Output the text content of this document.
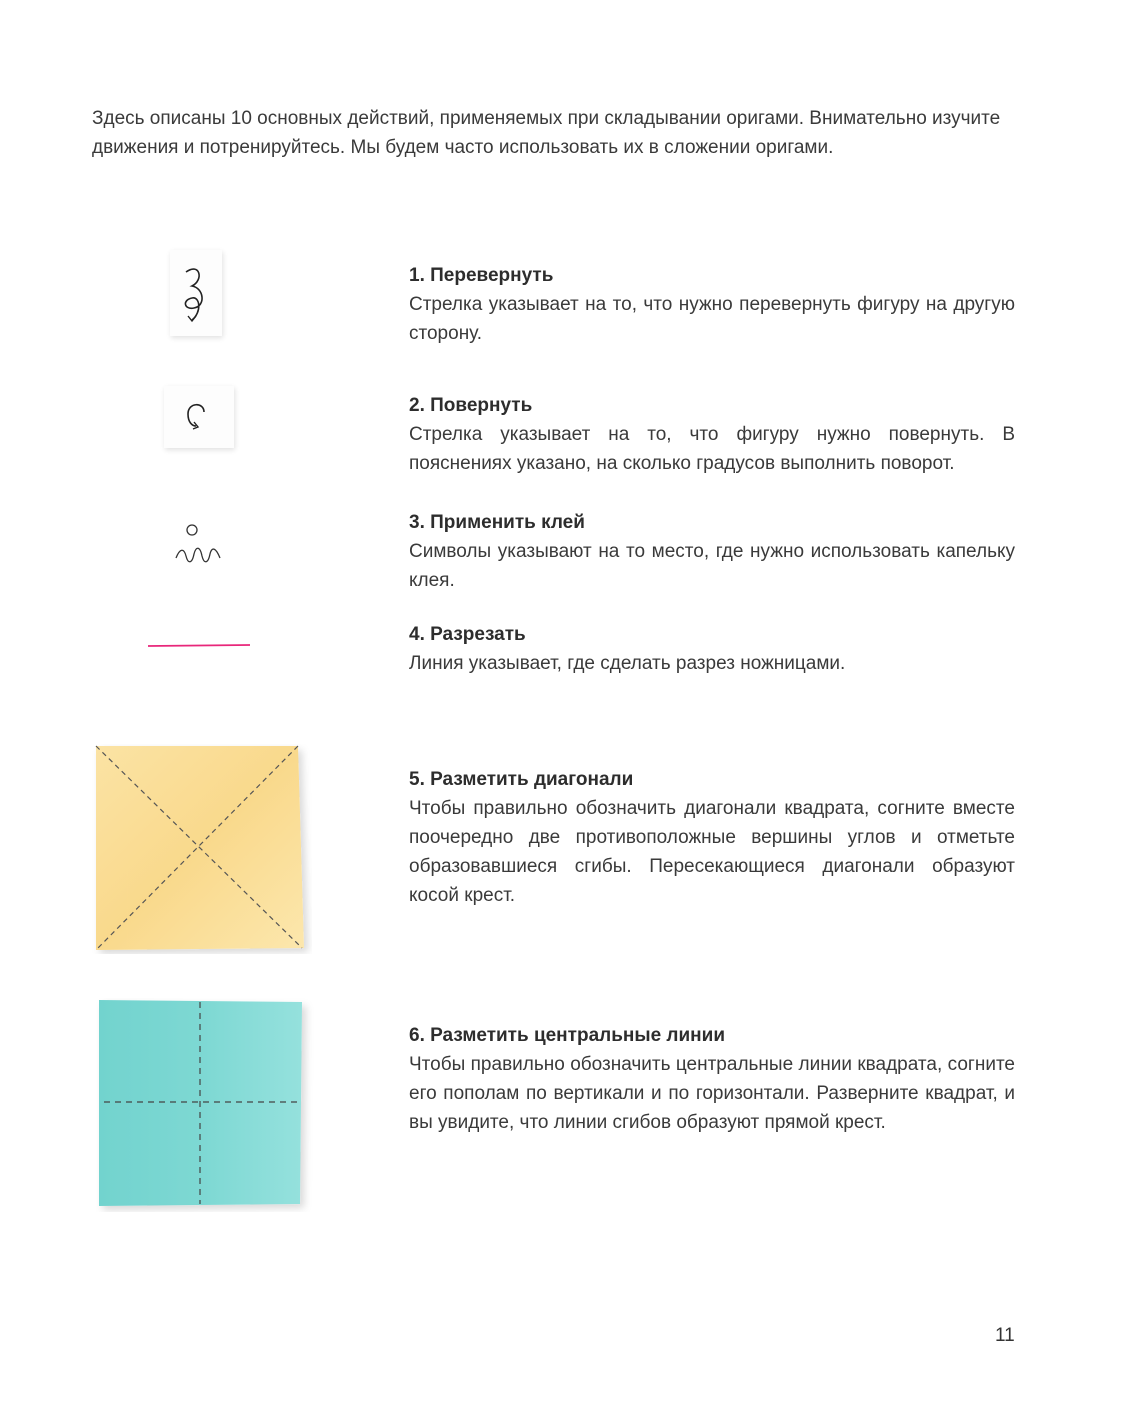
Здесь описаны 10 основных действий, применяемых при складывании оригами. Внимательно изучите движения и потренируйтесь. Мы будем часто использовать их в сложении оригами.

1. Перевернуть

Стрелка указывает на то, что нужно перевернуть фигуру на другую сторону.

2. Повернуть

Стрелка указывает на то, что фигуру нужно повернуть. В пояснениях указано, на сколько градусов выполнить поворот.

3. Применить клей

Символы указывают на то место, где нужно использовать капельку клея.

4. Разрезать

Линия указывает, где сделать разрез ножницами.

5. Разметить диагонали

Чтобы правильно обозначить диагонали квадрата, согните вместе поочередно две противоположные вершины углов и отметьте образовавшиеся сгибы. Пересекающиеся диагонали образуют косой крест.

6. Разметить центральные линии

Чтобы правильно обозначить центральные линии квадрата, согните его пополам по вертикали и по горизонтали. Разверните квадрат, и вы увидите, что линии сгибов образуют прямой крест.

11
